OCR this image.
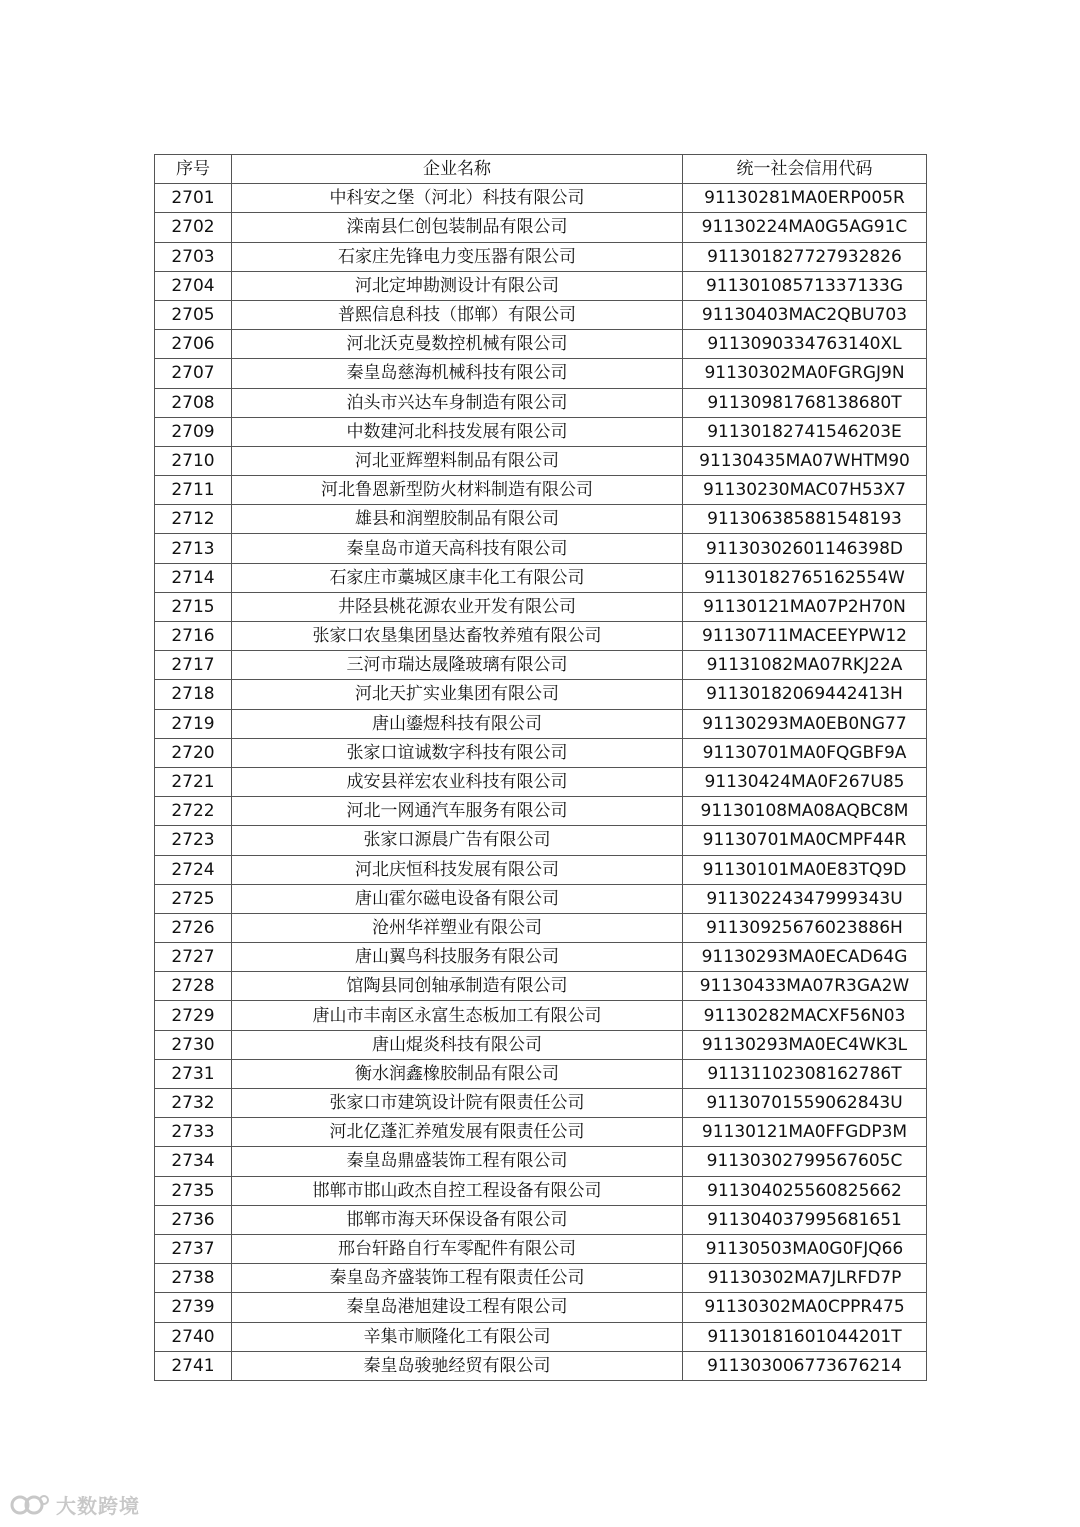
序号	企业名称	统一社会信用代码
2701	中科安之堡（河北）科技有限公司	91130281MA0ERP005R
2702	滦南县仁创包装制品有限公司	91130224MA0G5AG91C
2703	石家庄先锋电力变压器有限公司	911301827727932826
2704	河北定坤勘测设计有限公司	91130108571337133G
2705	普熙信息科技（邯郸）有限公司	91130403MAC2QBU703
2706	河北沃克曼数控机械有限公司	9113090334763140XL
2707	秦皇岛慈海机械科技有限公司	91130302MA0FGRGJ9N
2708	泊头市兴达车身制造有限公司	91130981768138680T
2709	中数建河北科技发展有限公司	91130182741546203E
2710	河北亚辉塑料制品有限公司	91130435MA07WHTM90
2711	河北鲁恩新型防火材料制造有限公司	91130230MAC07H53X7
2712	雄县和润塑胶制品有限公司	911306385881548193
2713	秦皇岛市道天高科技有限公司	91130302601146398D
2714	石家庄市藁城区康丰化工有限公司	91130182765162554W
2715	井陉县桃花源农业开发有限公司	91130121MA07P2H70N
2716	张家口农垦集团垦达畜牧养殖有限公司	91130711MACEEYPW12
2717	三河市瑞达晟隆玻璃有限公司	91131082MA07RKJ22A
2718	河北天扩实业集团有限公司	91130182069442413H
2719	唐山鎏煜科技有限公司	91130293MA0EB0NG77
2720	张家口谊诚数字科技有限公司	91130701MA0FQGBF9A
2721	成安县祥宏农业科技有限公司	91130424MA0F267U85
2722	河北一网通汽车服务有限公司	91130108MA08AQBC8M
2723	张家口源晨广告有限公司	91130701MA0CMPF44R
2724	河北庆恒科技发展有限公司	91130101MA0E83TQ9D
2725	唐山霍尔磁电设备有限公司	91130224347999343U
2726	沧州华祥塑业有限公司	91130925676023886H
2727	唐山翼鸟科技服务有限公司	91130293MA0ECAD64G
2728	馆陶县同创轴承制造有限公司	91130433MA07R3GA2W
2729	唐山市丰南区永富生态板加工有限公司	91130282MACXF56N03
2730	唐山焜炎科技有限公司	91130293MA0EC4WK3L
2731	衡水润鑫橡胶制品有限公司	91131102308162786T
2732	张家口市建筑设计院有限责任公司	91130701559062843U
2733	河北亿蓬汇养殖发展有限责任公司	91130121MA0FFGDP3M
2734	秦皇岛鼎盛装饰工程有限公司	91130302799567605C
2735	邯郸市邯山政杰自控工程设备有限公司	911304025560825662
2736	邯郸市海天环保设备有限公司	911304037995681651
2737	邢台轩路自行车零配件有限公司	91130503MA0G0FJQ66
2738	秦皇岛齐盛装饰工程有限责任公司	91130302MA7JLRFD7P
2739	秦皇岛港旭建设工程有限公司	91130302MA0CPPR475
2740	辛集市顺隆化工有限公司	91130181601044201T
2741	秦皇岛骏驰经贸有限公司	911303006773676214
大数跨境
